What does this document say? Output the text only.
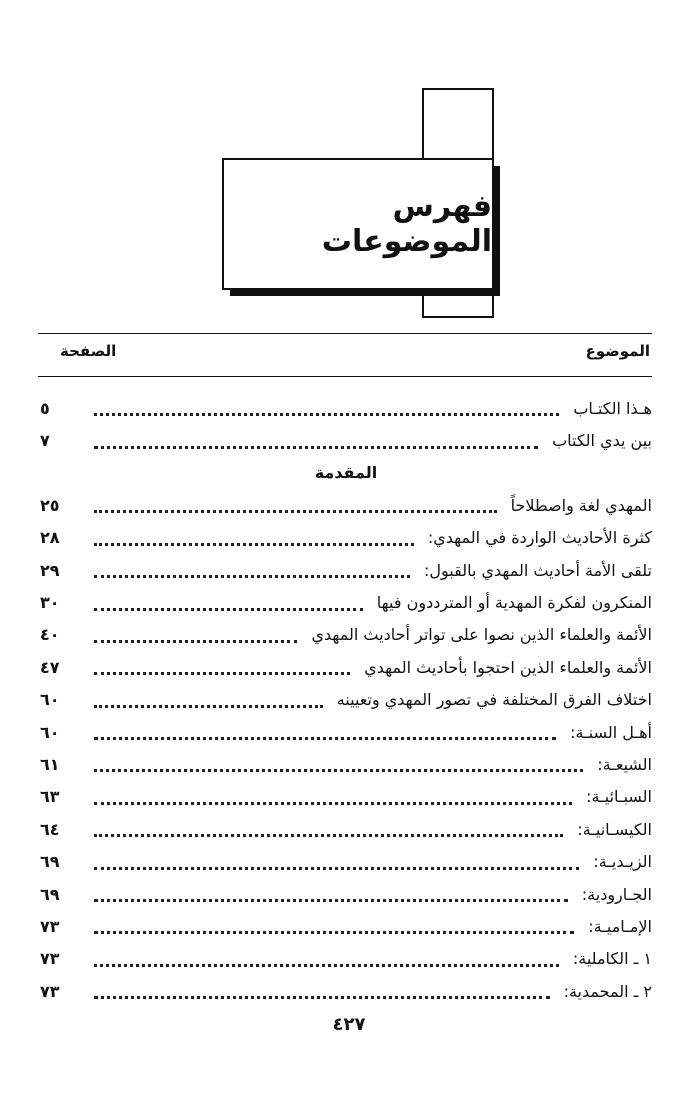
فهرس الموضوعات
الموضوع
الصفحة
هـذا الكتـاب
٥
بين يدي الكتاب
٧
المقدمة
المهدي لغة واصطلاحاً
٢٥
كثرة الأحاديث الواردة في المهدي:
٢٨
تلقى الأمة أحاديث المهدي بالقبول:
٢٩
المنكرون لفكرة المهدية أو المترددون فيها
٣٠
الأئمة والعلماء الذين نصوا على تواتر أحاديث المهدي
٤٠
الأئمة والعلماء الذين احتجوا بأحاديث المهدي
٤٧
اختلاف الفرق المختلفة في تصور المهدي وتعيينه
٦٠
أهـل السنـة:
٦٠
الشيعـة:
٦١
السبـائيـة:
٦٣
الكيسـانيـة:
٦٤
الزيـديـة:
٦٩
الجـارودية:
٦٩
الإمـاميـة:
٧٣
١ ـ الكاملية:
٧٣
٢ ـ المحمدية:
٧٣
٤٢٧
